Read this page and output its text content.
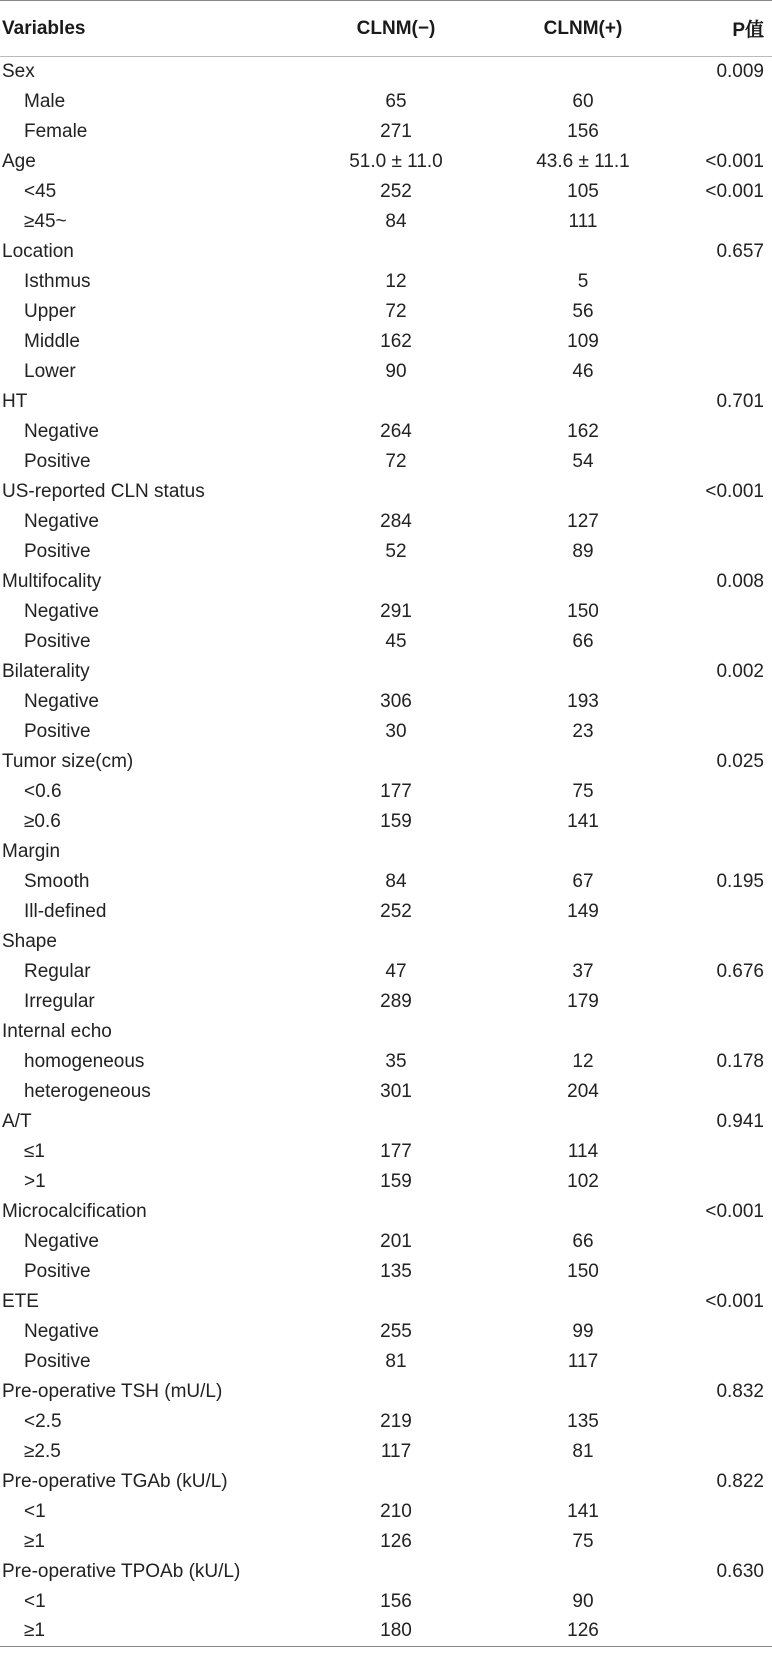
Variables	CLNM(−)	CLNM(+)	P值
Sex			0.009
Male	65	60	
Female	271	156	
Age	51.0 ± 11.0	43.6 ± 11.1	<0.001
<45	252	105	<0.001
≥45~	84	111	
Location			0.657
Isthmus	12	5	
Upper	72	56	
Middle	162	109	
Lower	90	46	
HT			0.701
Negative	264	162	
Positive	72	54	
US-reported CLN status			<0.001
Negative	284	127	
Positive	52	89	
Multifocality			0.008
Negative	291	150	
Positive	45	66	
Bilaterality			0.002
Negative	306	193	
Positive	30	23	
Tumor size(cm)			0.025
<0.6	177	75	
≥0.6	159	141	
Margin			
Smooth	84	67	0.195
Ill-defined	252	149	
Shape			
Regular	47	37	0.676
Irregular	289	179	
Internal echo			
homogeneous	35	12	0.178
heterogeneous	301	204	
A/T			0.941
≤1	177	114	
>1	159	102	
Microcalcification			<0.001
Negative	201	66	
Positive	135	150	
ETE			<0.001
Negative	255	99	
Positive	81	117	
Pre-operative TSH (mU/L)			0.832
<2.5	219	135	
≥2.5	117	81	
Pre-operative TGAb (kU/L)			0.822
<1	210	141	
≥1	126	75	
Pre-operative TPOAb (kU/L)			0.630
<1	156	90	
≥1	180	126	
